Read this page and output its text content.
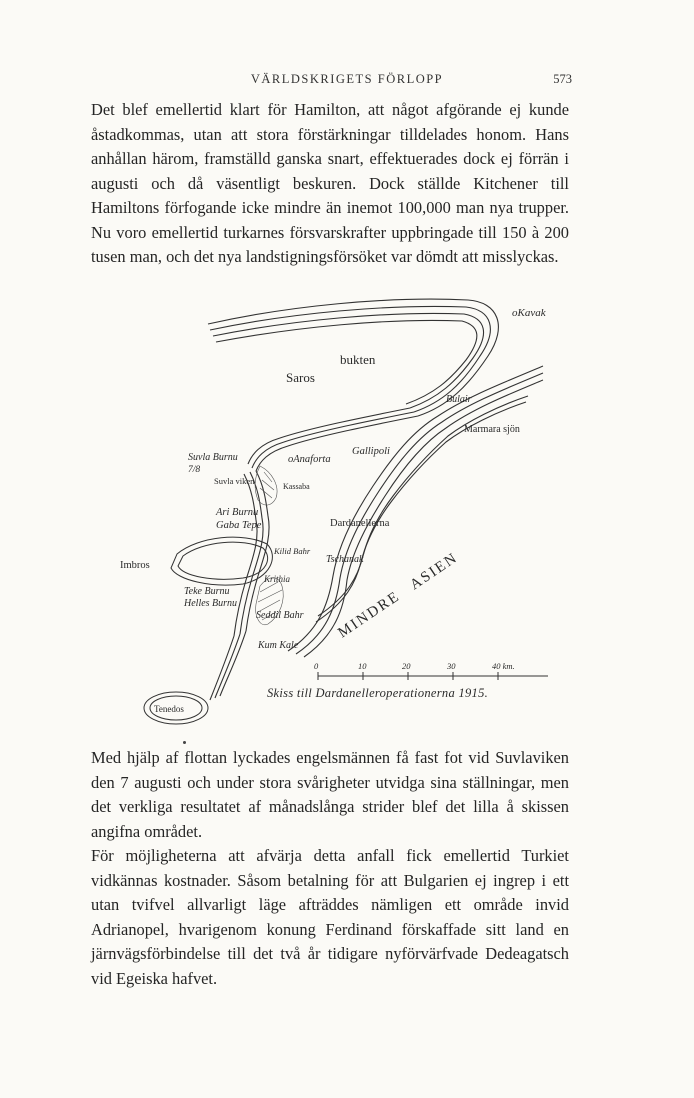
VÄRLDSKRIGETS FÖRLOPP	573

Det blef emellertid klart för Hamilton, att något afgörande ej kunde åstadkommas, utan att stora förstärkningar tilldelades honom. Hans anhållan härom, framställd ganska snart, effektuerades dock ej förrän i augusti och då väsentligt beskuren. Dock ställde Kitchener till Hamiltons förfogande icke mindre än inemot 100,000 man nya trupper. Nu voro emellertid turkarnes försvarskrafter uppbringade till 150 à 200 tusen man, och det nya landstigningsförsöket var dömdt att misslyckas.

oKavak
Saros
bukten
Bulair
Marmara sjön
Gallipoli
Suvla Burnu
7/8
Suvla viken
oAnaforta
Kassaba
Ari Burnu
Gaba Tepe	Dardanellerna
Kilid Bahr
Tschanak
Imbros
Teke Burnu
Helles Burnu
Krithia
Seddil Bahr
Kum Kale
Tenedos
MINDRE
ASIEN
0	10	20	30	40 km.
Skiss till Dardanelleroperationerna 1915.

Med hjälp af flottan lyckades engelsmännen få fast fot vid Suvlaviken den 7 augusti och under stora svårigheter utvidga sina ställningar, men det verkliga resultatet af månadslånga strider blef det lilla å skissen angifna området.

För möjligheterna att afvärja detta anfall fick emellertid Turkiet vidkännas kostnader. Såsom betalning för att Bulgarien ej ingrep i ett utan tvifvel allvarligt läge afträddes nämligen ett område invid Adrianopel, hvarigenom konung Ferdinand förskaffade sitt land en järnvägsförbindelse till det två år tidigare nyförvärfvade Dedeagatsch vid Egeiska hafvet.
